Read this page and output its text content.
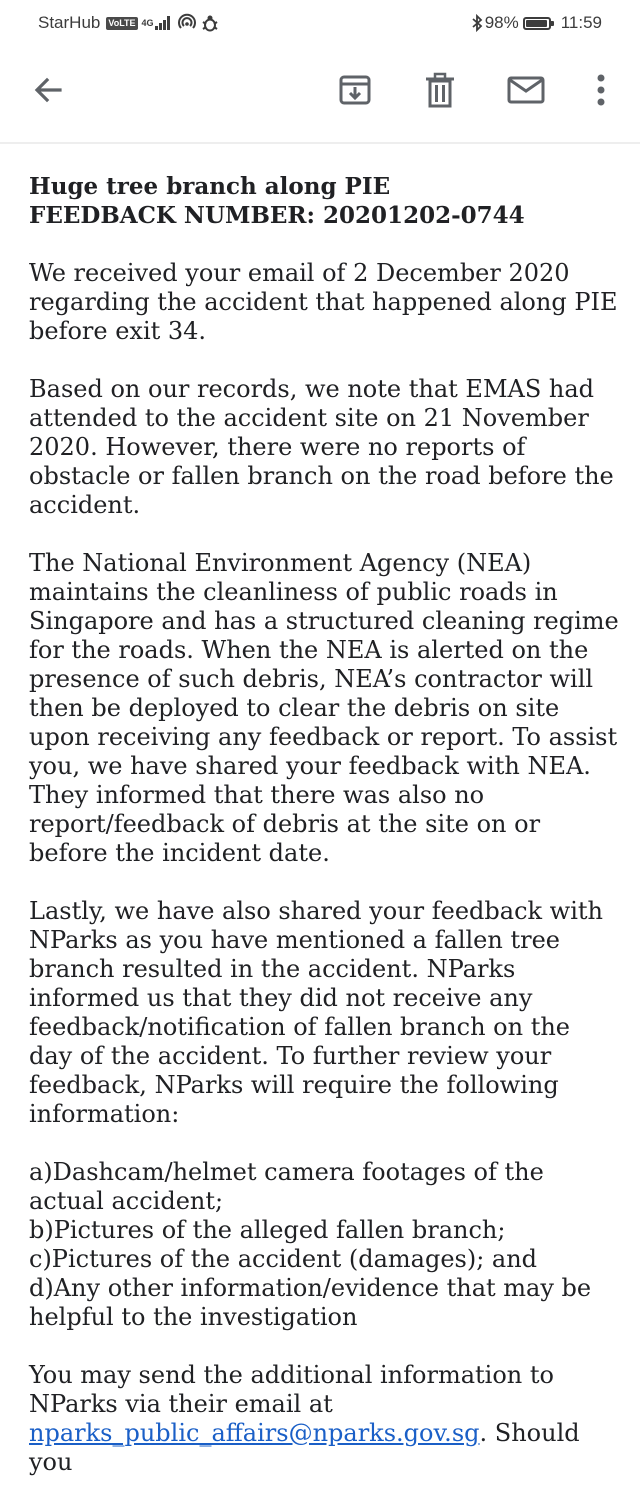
StarHub VoLTE 4G	98% 11:59
Huge tree branch along PIE
FEEDBACK NUMBER: 20201202-0744

We received your email of 2 December 2020 regarding the accident that happened along PIE before exit 34.

Based on our records, we note that EMAS had attended to the accident site on 21 November 2020. However, there were no reports of obstacle or fallen branch on the road before the accident.

The National Environment Agency (NEA) maintains the cleanliness of public roads in Singapore and has a structured cleaning regime for the roads. When the NEA is alerted on the presence of such debris, NEA’s contractor will then be deployed to clear the debris on site upon receiving any feedback or report. To assist you, we have shared your feedback with NEA. They informed that there was also no report/feedback of debris at the site on or before the incident date.

Lastly, we have also shared your feedback with NParks as you have mentioned a fallen tree branch resulted in the accident. NParks informed us that they did not receive any feedback/notification of fallen branch on the day of the accident. To further review your feedback, NParks will require the following information:

a)Dashcam/helmet camera footages of the actual accident;
b)Pictures of the alleged fallen branch;
c)Pictures of the accident (damages); and
d)Any other information/evidence that may be helpful to the investigation

You may send the additional information to NParks via their email at nparks_public_affairs@nparks.gov.sg. Should you
